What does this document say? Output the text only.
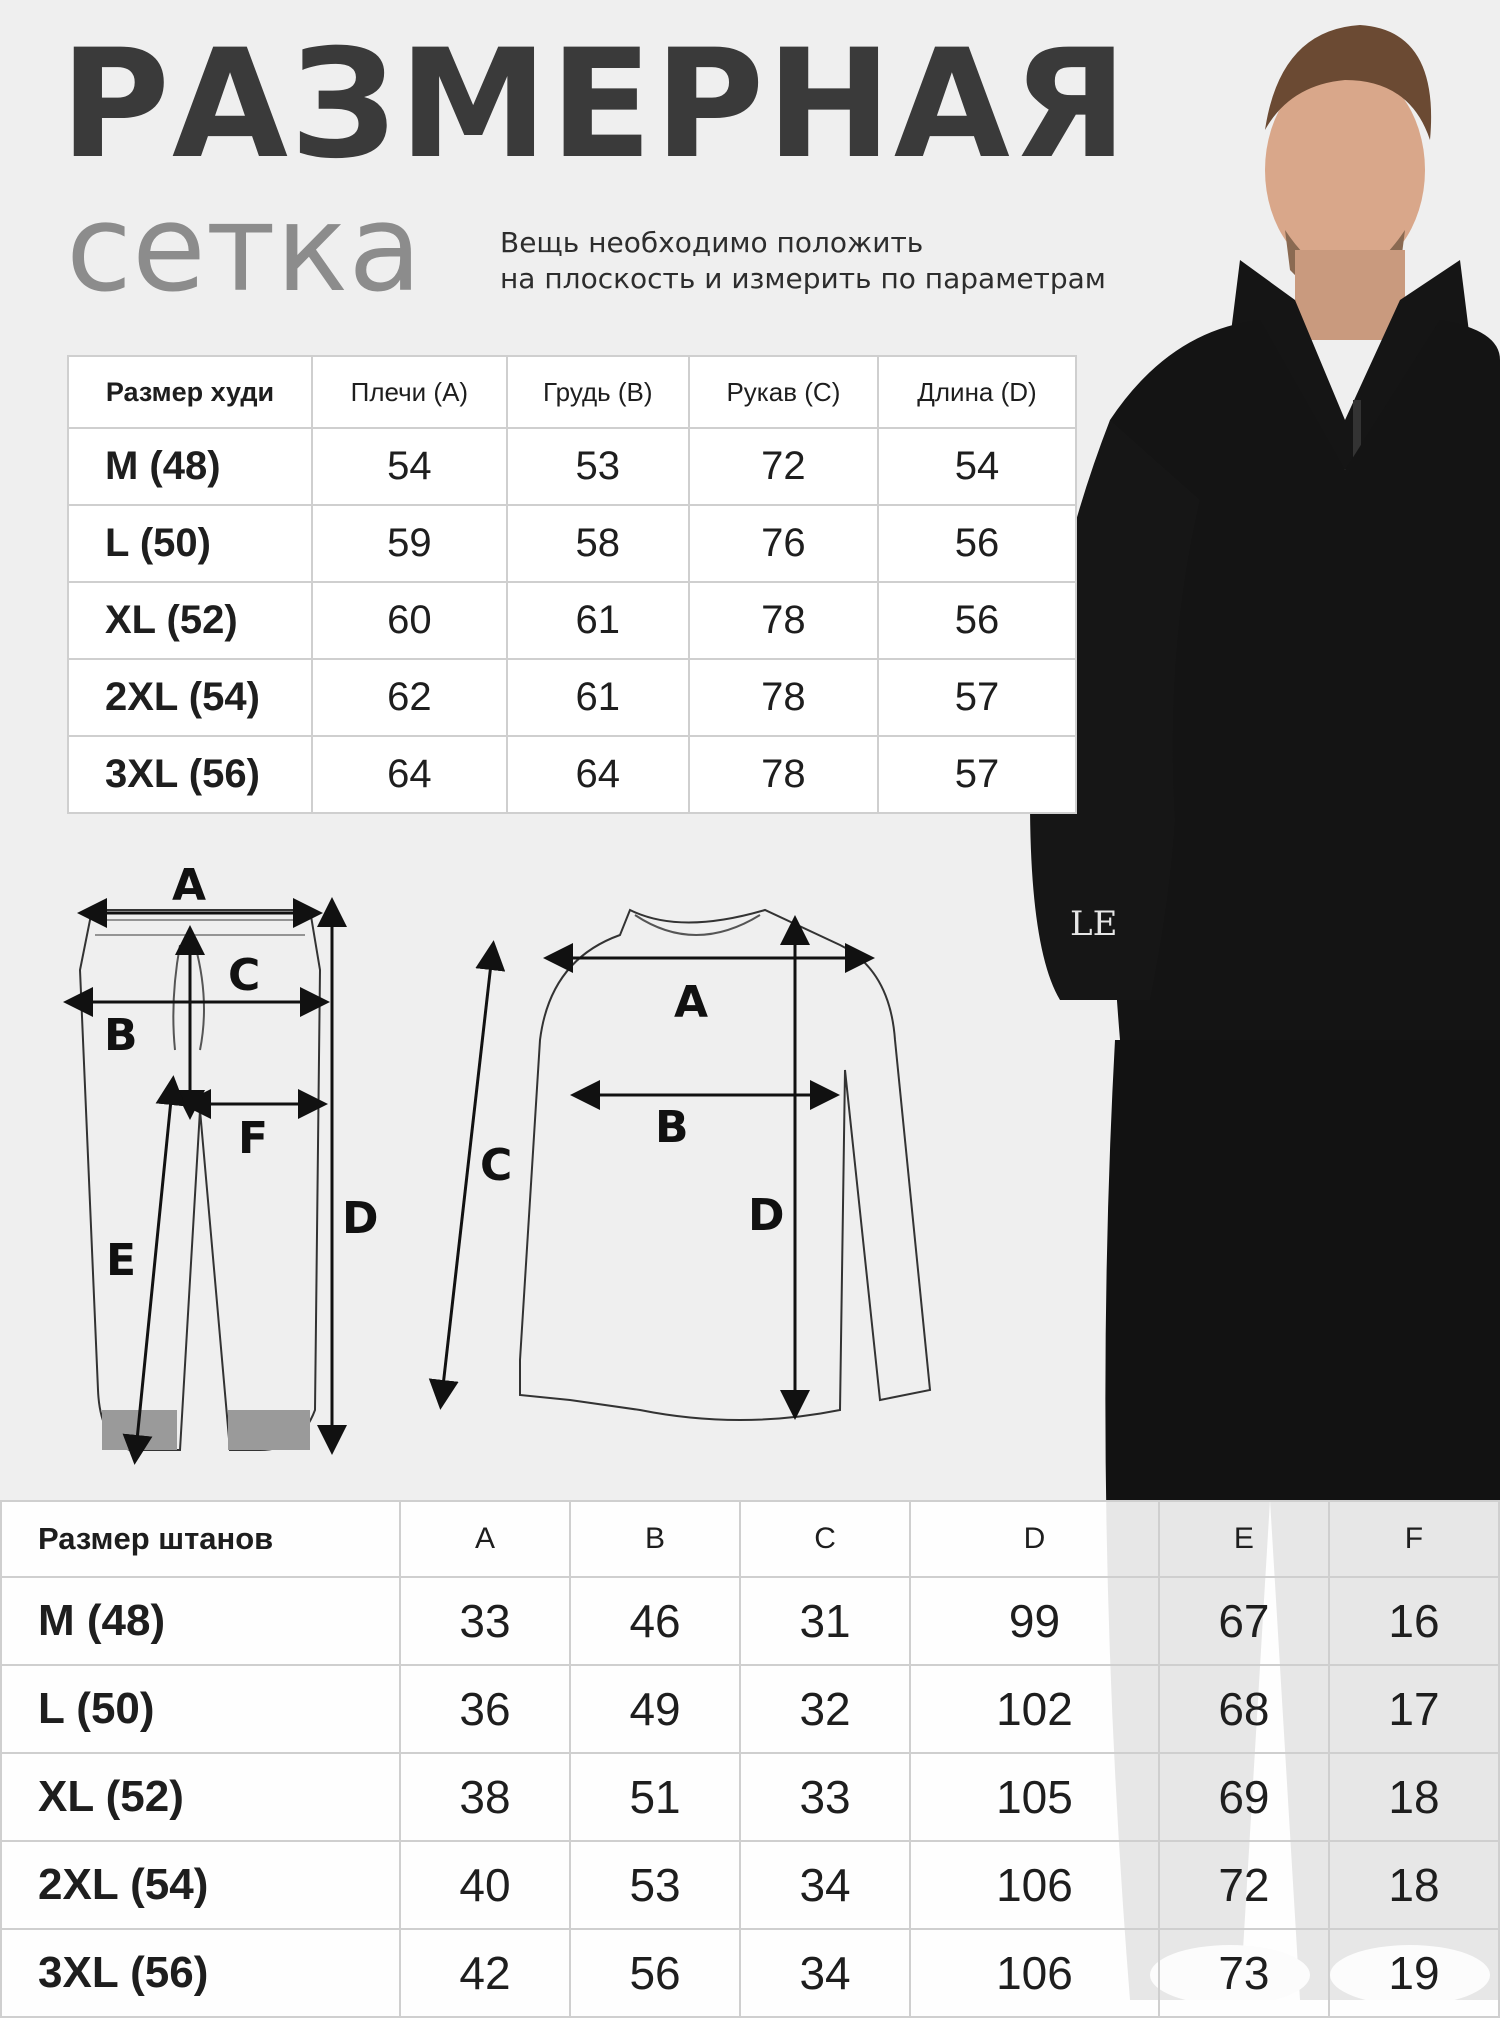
LE
РАЗМЕРНАЯ
сетка	Вещь необходимо положить
на плоскость и измерить по параметрам
Размер худи	Плечи (A)	Грудь (B)	Рукав (C)	Длина (D)
M (48)	54	53	72	54
L (50)	59	58	76	56
XL (52)	60	61	78	56
2XL (54)	62	61	78	57
3XL (56)	64	64	78	57
A
B
C
D
E
F
A
B
C
D
Размер штанов	A	B	C	D	E	F
M (48)	33	46	31	99	67	16
L (50)	36	49	32	102	68	17
XL (52)	38	51	33	105	69	18
2XL (54)	40	53	34	106	72	18
3XL (56)	42	56	34	106	73	19
